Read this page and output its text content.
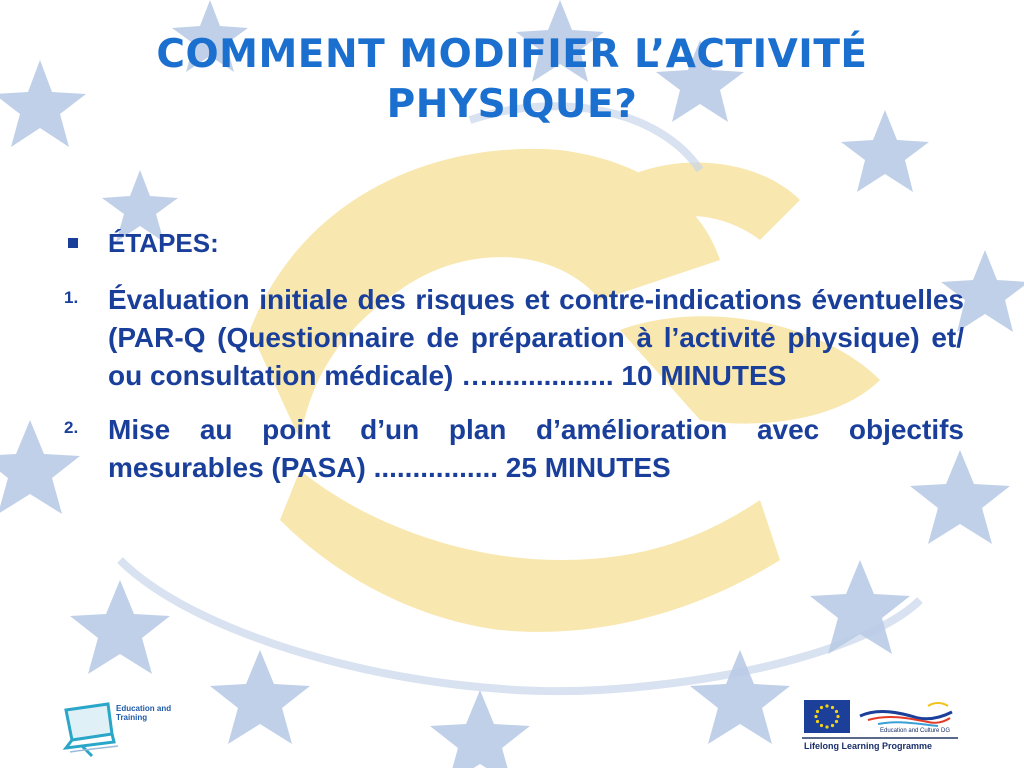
COMMENT MODIFIER L’ACTIVITÉ
PHYSIQUE?
ÉTAPES:
1.	Évaluation initiale des risques et contre-indications éventuelles (PAR-Q (Questionnaire de préparation à l’activité physique) et/ ou consultation médicale) …................ 10 MINUTES
2.	Mise au point d’un plan d’amélioration avec objectifs mesurables (PASA) ................ 25 MINUTES
Education and Training
Education and Culture DG
Lifelong Learning Programme
